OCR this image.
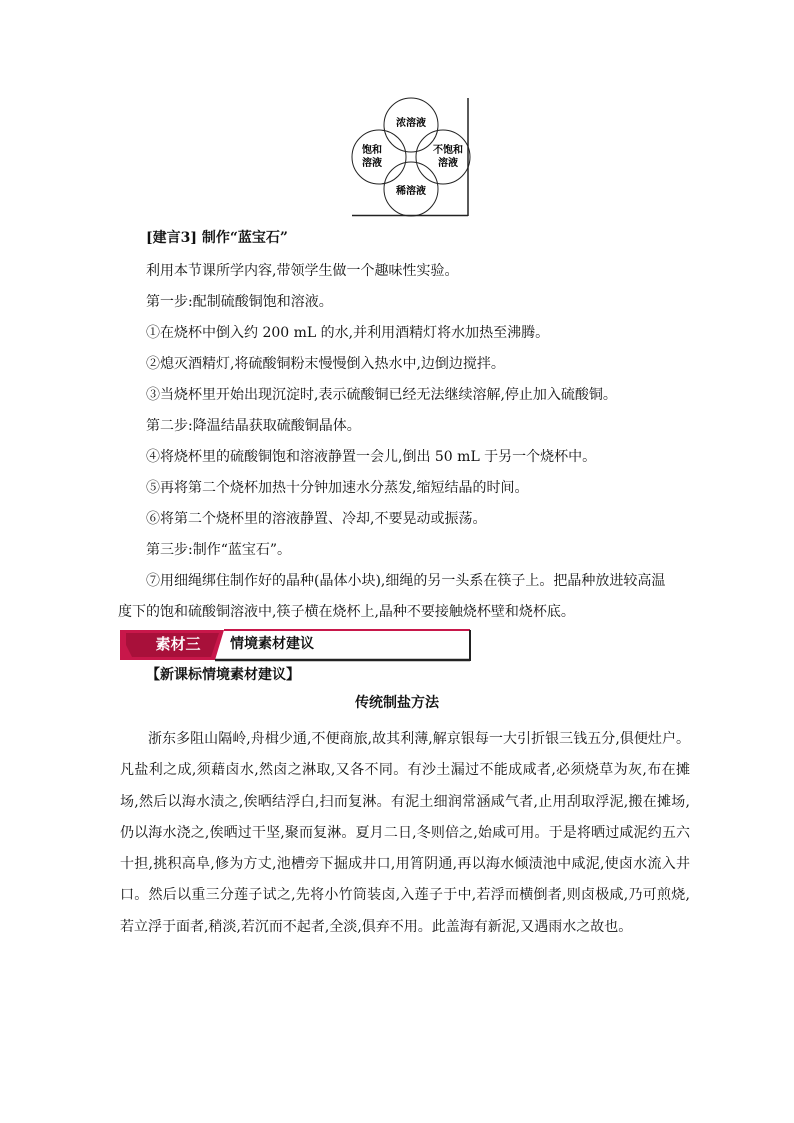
浓溶液
饱和
溶液
不饱和
溶液
稀溶液
[建言3] 制作“蓝宝石”
利用本节课所学内容,带领学生做一个趣味性实验。
第一步:配制硫酸铜饱和溶液。
①在烧杯中倒入约 200 mL 的水,并利用酒精灯将水加热至沸腾。
②熄灭酒精灯,将硫酸铜粉末慢慢倒入热水中,边倒边搅拌。
③当烧杯里开始出现沉淀时,表示硫酸铜已经无法继续溶解,停止加入硫酸铜。
第二步:降温结晶获取硫酸铜晶体。
④将烧杯里的硫酸铜饱和溶液静置一会儿,倒出 50 mL 于另一个烧杯中。
⑤再将第二个烧杯加热十分钟加速水分蒸发,缩短结晶的时间。
⑥将第二个烧杯里的溶液静置、冷却,不要晃动或振荡。
第三步:制作“蓝宝石”。
⑦用细绳绑住制作好的晶种(晶体小块),细绳的另一头系在筷子上。把晶种放进较高温
度下的饱和硫酸铜溶液中,筷子横在烧杯上,晶种不要接触烧杯壁和烧杯底。
素材三	情境素材建议
【新课标情境素材建议】
传统制盐方法
浙东多阻山隔岭,舟楫少通,不便商旅,故其利薄,解京银每一大引折银三钱五分,俱便灶户。凡盐利之成,须藉卤水,然卤之淋取,又各不同。有沙土漏过不能成咸者,必须烧草为灰,布在摊场,然后以海水渍之,俟晒结浮白,扫而复淋。有泥土细润常涵咸气者,止用刮取浮泥,搬在摊场,仍以海水浇之,俟晒过干坚,聚而复淋。夏月二日,冬则倍之,始咸可用。于是将晒过咸泥约五六十担,挑积高阜,修为方丈,池槽旁下掘成井口,用筲阴通,再以海水倾渍池中咸泥,使卤水流入井口。然后以重三分莲子试之,先将小竹筒装卤,入莲子于中,若浮而横倒者,则卤极咸,乃可煎烧,若立浮于面者,稍淡,若沉而不起者,全淡,俱弃不用。此盖海有新泥,又遇雨水之故也。
